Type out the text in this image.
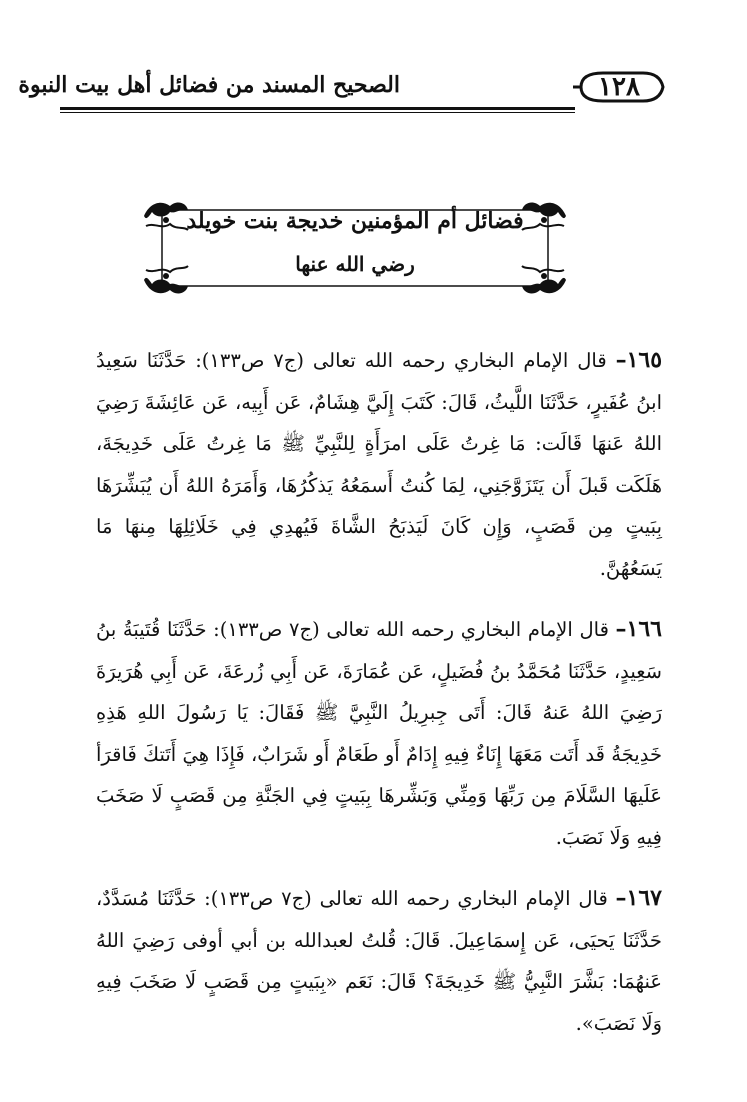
١٢٨
الصحيح المسند من فضائل أهل بيت النبوة
فضائل أم المؤمنين خديجة بنت خويلد
رضي الله عنها

١٦٥– قال الإمام البخاري رحمه الله تعالى (ج٧ ص١٣٣): حَدَّثَنَا سَعِيدُ ابنُ عُفَيرٍ، حَدَّثَنَا اللَّيثُ، قَالَ: كَتَبَ إِلَيَّ هِشَامٌ، عَن أَبِيه، عَن عَائِشَةَ رَضِيَ اللهُ عَنهَا قَالَت: مَا غِرتُ عَلَى امرَأَةٍ لِلنَّبِيِّ ﷺ مَا غِرتُ عَلَى خَدِيجَةَ، هَلَكَت قَبلَ أَن يَتَزَوَّجَنِي، لِمَا كُنتُ أَسمَعُهُ يَذكُرُهَا، وَأَمَرَهُ اللهُ أَن يُبَشِّرَهَا بِبَيتٍ مِن قَصَبٍ، وَإِن كَانَ لَيَذبَحُ الشَّاةَ فَيُهدِي فِي خَلَائِلِهَا مِنهَا مَا يَسَعُهُنَّ.

١٦٦– قال الإمام البخاري رحمه الله تعالى (ج٧ ص١٣٣): حَدَّثَنَا قُتَيبَةُ بنُ سَعِيدٍ، حَدَّثَنَا مُحَمَّدُ بنُ فُضَيلٍ، عَن عُمَارَةَ، عَن أَبِي زُرعَةَ، عَن أَبِي هُرَيرَةَ رَضِيَ اللهُ عَنهُ قَالَ: أَتَى جِبرِيلُ النَّبِيَّ ﷺ فَقَالَ: يَا رَسُولَ اللهِ هَذِهِ خَدِيجَةُ قَد أَتَت مَعَهَا إِنَاءٌ فِيهِ إِدَامٌ أَو طَعَامٌ أَو شَرَابٌ، فَإِذَا هِيَ أَتَتكَ فَاقرَأ عَلَيهَا السَّلَامَ مِن رَبِّهَا وَمِنِّي وَبَشِّرهَا بِبَيتٍ فِي الجَنَّةِ مِن قَصَبٍ لَا صَخَبَ فِيهِ وَلَا نَصَبَ.

١٦٧– قال الإمام البخاري رحمه الله تعالى (ج٧ ص١٣٣): حَدَّثَنَا مُسَدَّدٌ، حَدَّثَنَا يَحيَى، عَن إِسمَاعِيلَ. قَالَ: قُلتُ لعبدالله بن أبي أوفى رَضِيَ اللهُ عَنهُمَا: بَشَّرَ النَّبِيُّ ﷺ خَدِيجَةَ؟ قَالَ: نَعَم «بِبَيتٍ مِن قَصَبٍ لَا صَخَبَ فِيهِ وَلَا نَصَبَ».
